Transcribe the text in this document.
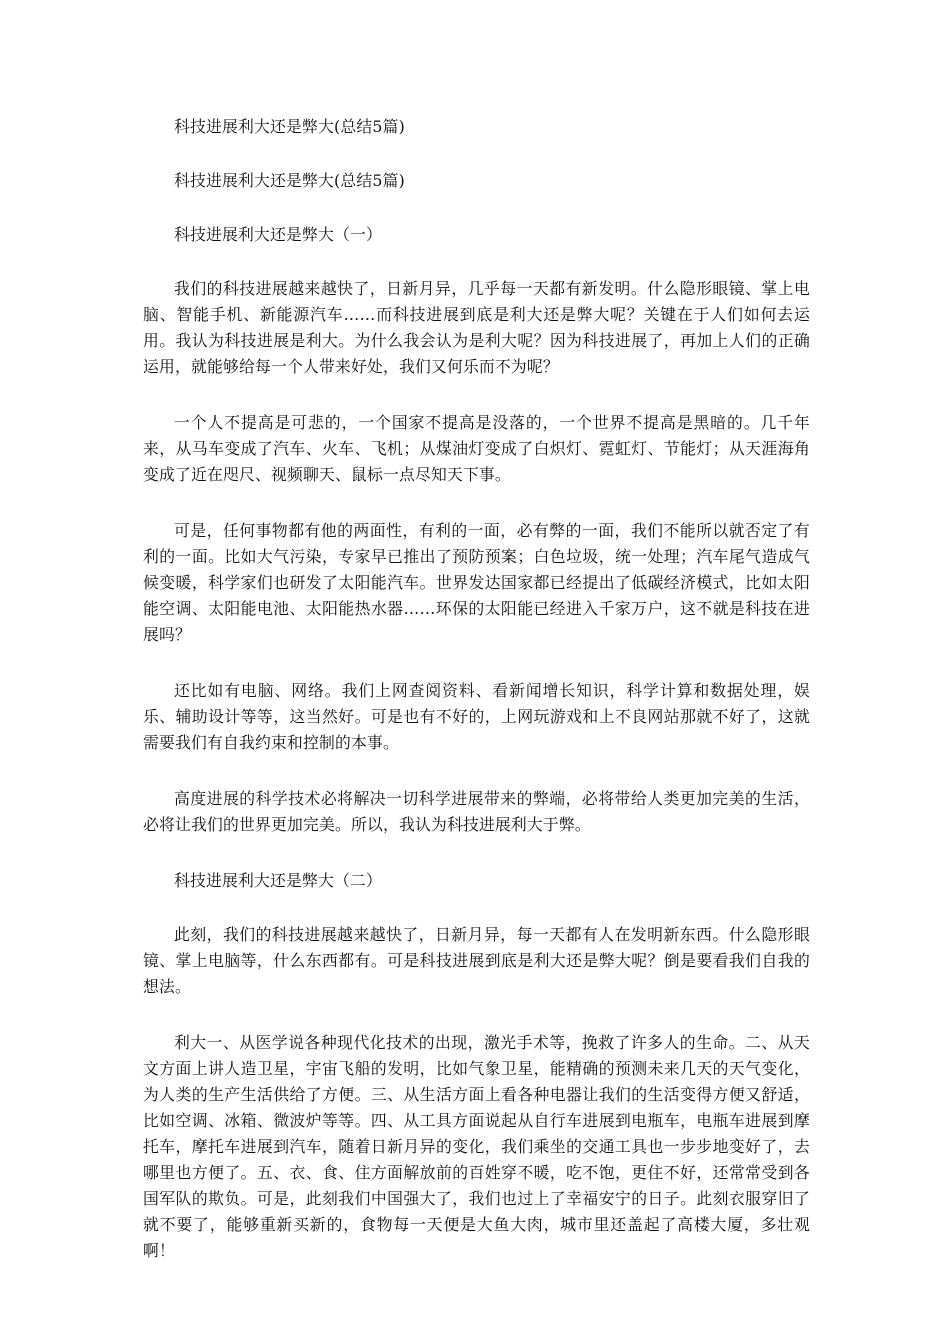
科技进展利大还是弊大(总结5篇)

科技进展利大还是弊大(总结5篇)

科技进展利大还是弊大（一）

我们的科技进展越来越快了，日新月异，几乎每一天都有新发明。什么隐形眼镜、掌上电脑、智能手机、新能源汽车……而科技进展到底是利大还是弊大呢？关键在于人们如何去运用。我认为科技进展是利大。为什么我会认为是利大呢？因为科技进展了，再加上人们的正确运用，就能够给每一个人带来好处，我们又何乐而不为呢？

一个人不提高是可悲的，一个国家不提高是没落的，一个世界不提高是黑暗的。几千年来，从马车变成了汽车、火车、飞机；从煤油灯变成了白炽灯、霓虹灯、节能灯；从天涯海角变成了近在咫尺、视频聊天、鼠标一点尽知天下事。

可是，任何事物都有他的两面性，有利的一面，必有弊的一面，我们不能所以就否定了有利的一面。比如大气污染，专家早已推出了预防预案；白色垃圾，统一处理；汽车尾气造成气候变暖，科学家们也研发了太阳能汽车。世界发达国家都已经提出了低碳经济模式，比如太阳能空调、太阳能电池、太阳能热水器……环保的太阳能已经进入千家万户，这不就是科技在进展吗？

还比如有电脑、网络。我们上网查阅资料、看新闻增长知识，科学计算和数据处理，娱乐、辅助设计等等，这当然好。可是也有不好的，上网玩游戏和上不良网站那就不好了，这就需要我们有自我约束和控制的本事。

高度进展的科学技术必将解决一切科学进展带来的弊端，必将带给人类更加完美的生活，必将让我们的世界更加完美。所以，我认为科技进展利大于弊。

科技进展利大还是弊大（二）

此刻，我们的科技进展越来越快了，日新月异，每一天都有人在发明新东西。什么隐形眼镜、掌上电脑等，什么东西都有。可是科技进展到底是利大还是弊大呢？倒是要看我们自我的想法。

利大一、从医学说各种现代化技术的出现，激光手术等，挽救了许多人的生命。二、从天文方面上讲人造卫星，宇宙飞船的发明，比如气象卫星，能精确的预测未来几天的天气变化，为人类的生产生活供给了方便。三、从生活方面上看各种电器让我们的生活变得方便又舒适，比如空调、冰箱、微波炉等等。四、从工具方面说起从自行车进展到电瓶车，电瓶车进展到摩托车，摩托车进展到汽车，随着日新月异的变化，我们乘坐的交通工具也一步步地变好了，去哪里也方便了。五、衣、食、住方面解放前的百姓穿不暖，吃不饱，更住不好，还常常受到各国军队的欺负。可是，此刻我们中国强大了，我们也过上了幸福安宁的日子。此刻衣服穿旧了就不要了，能够重新买新的，食物每一天便是大鱼大肉，城市里还盖起了高楼大厦，多壮观啊！
